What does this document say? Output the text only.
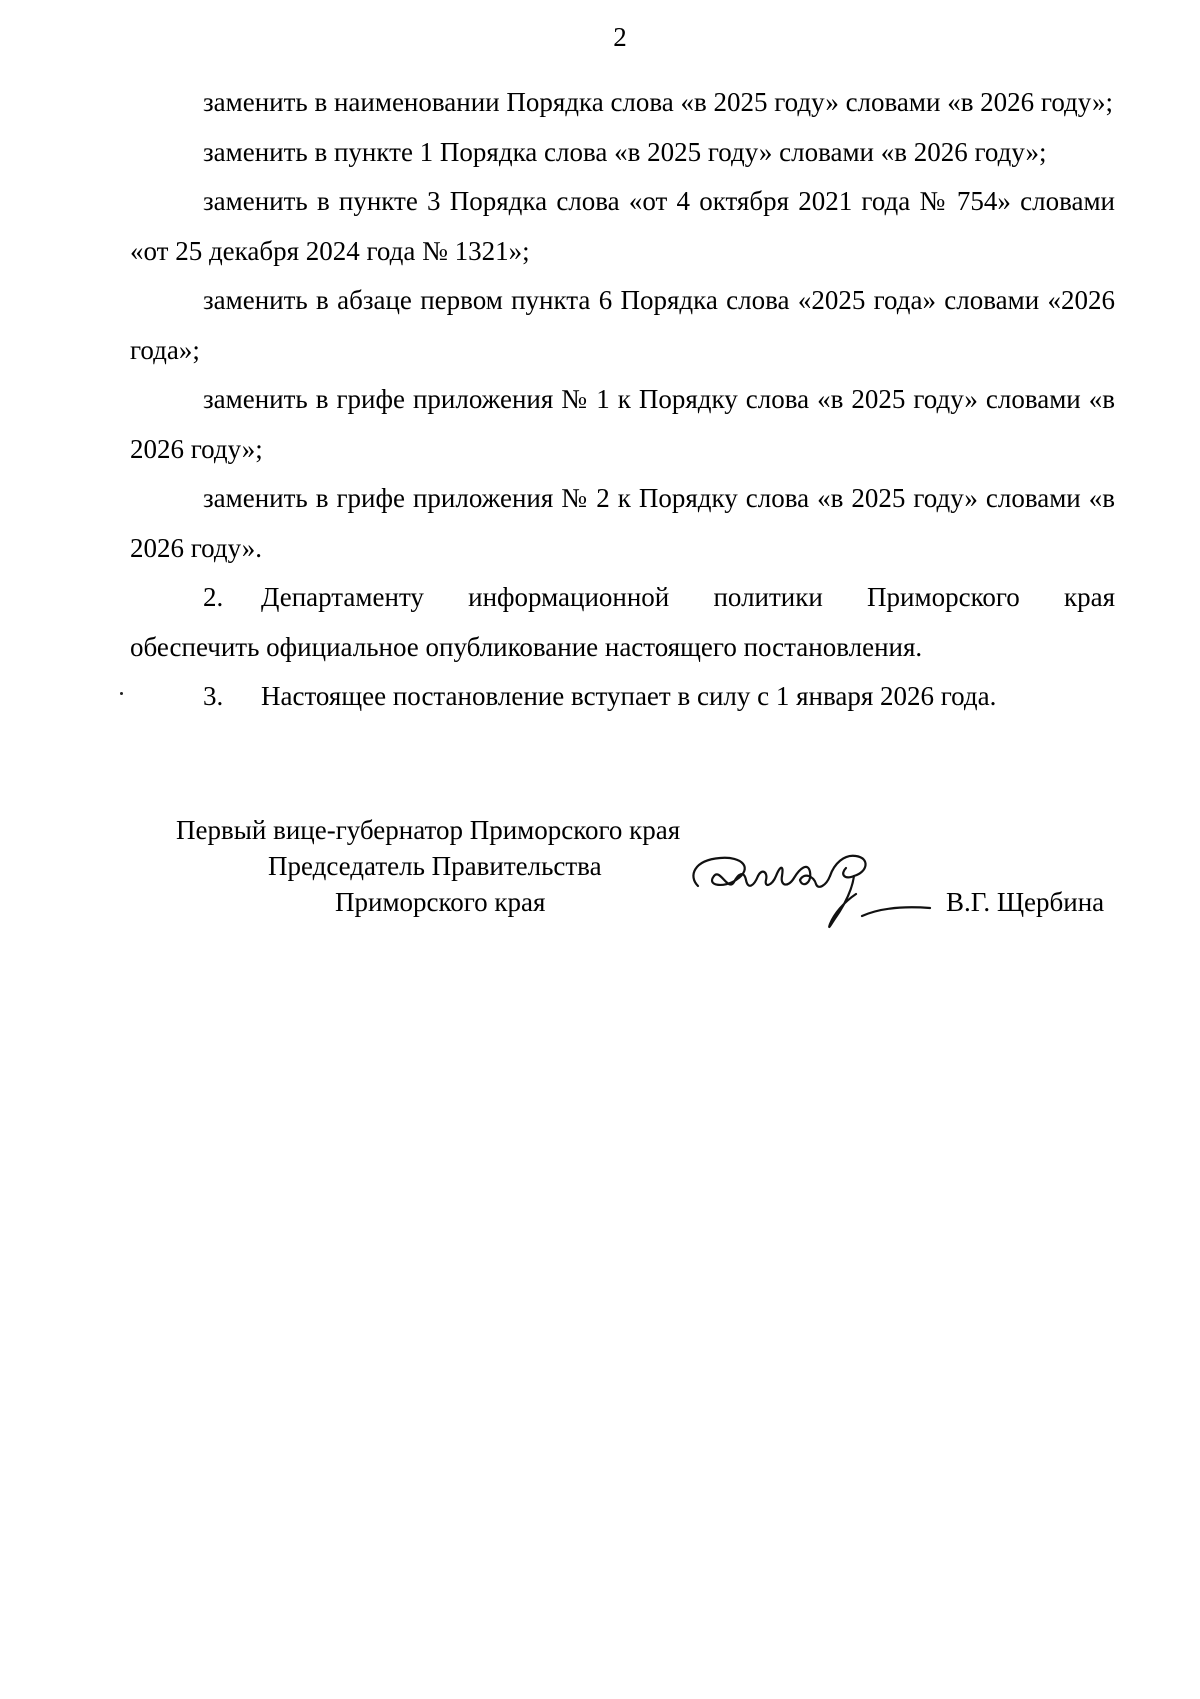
2

заменить в наименовании Порядка слова «в 2025 году» словами «в 2026 году»;

заменить в пункте 1 Порядка слова «в 2025 году» словами «в 2026 году»;

заменить в пункте 3 Порядка слова «от 4 октября 2021 года № 754» словами «от 25 декабря 2024 года № 1321»;

заменить в абзаце первом пункта 6 Порядка слова «2025 года» словами «2026 года»;

заменить в грифе приложения № 1 к Порядку слова «в 2025 году» словами «в 2026 году»;

заменить в грифе приложения № 2 к Порядку слова «в 2025 году» словами «в 2026 году».

2.	Департаменту информационной политики Приморского края

обеспечить официальное опубликование настоящего постановления.

3.	Настоящее постановление вступает в силу с 1 января 2026 года.
Первый вице-губернатор Приморского края
Председатель Правительства
Приморского края	В.Г. Щербина
